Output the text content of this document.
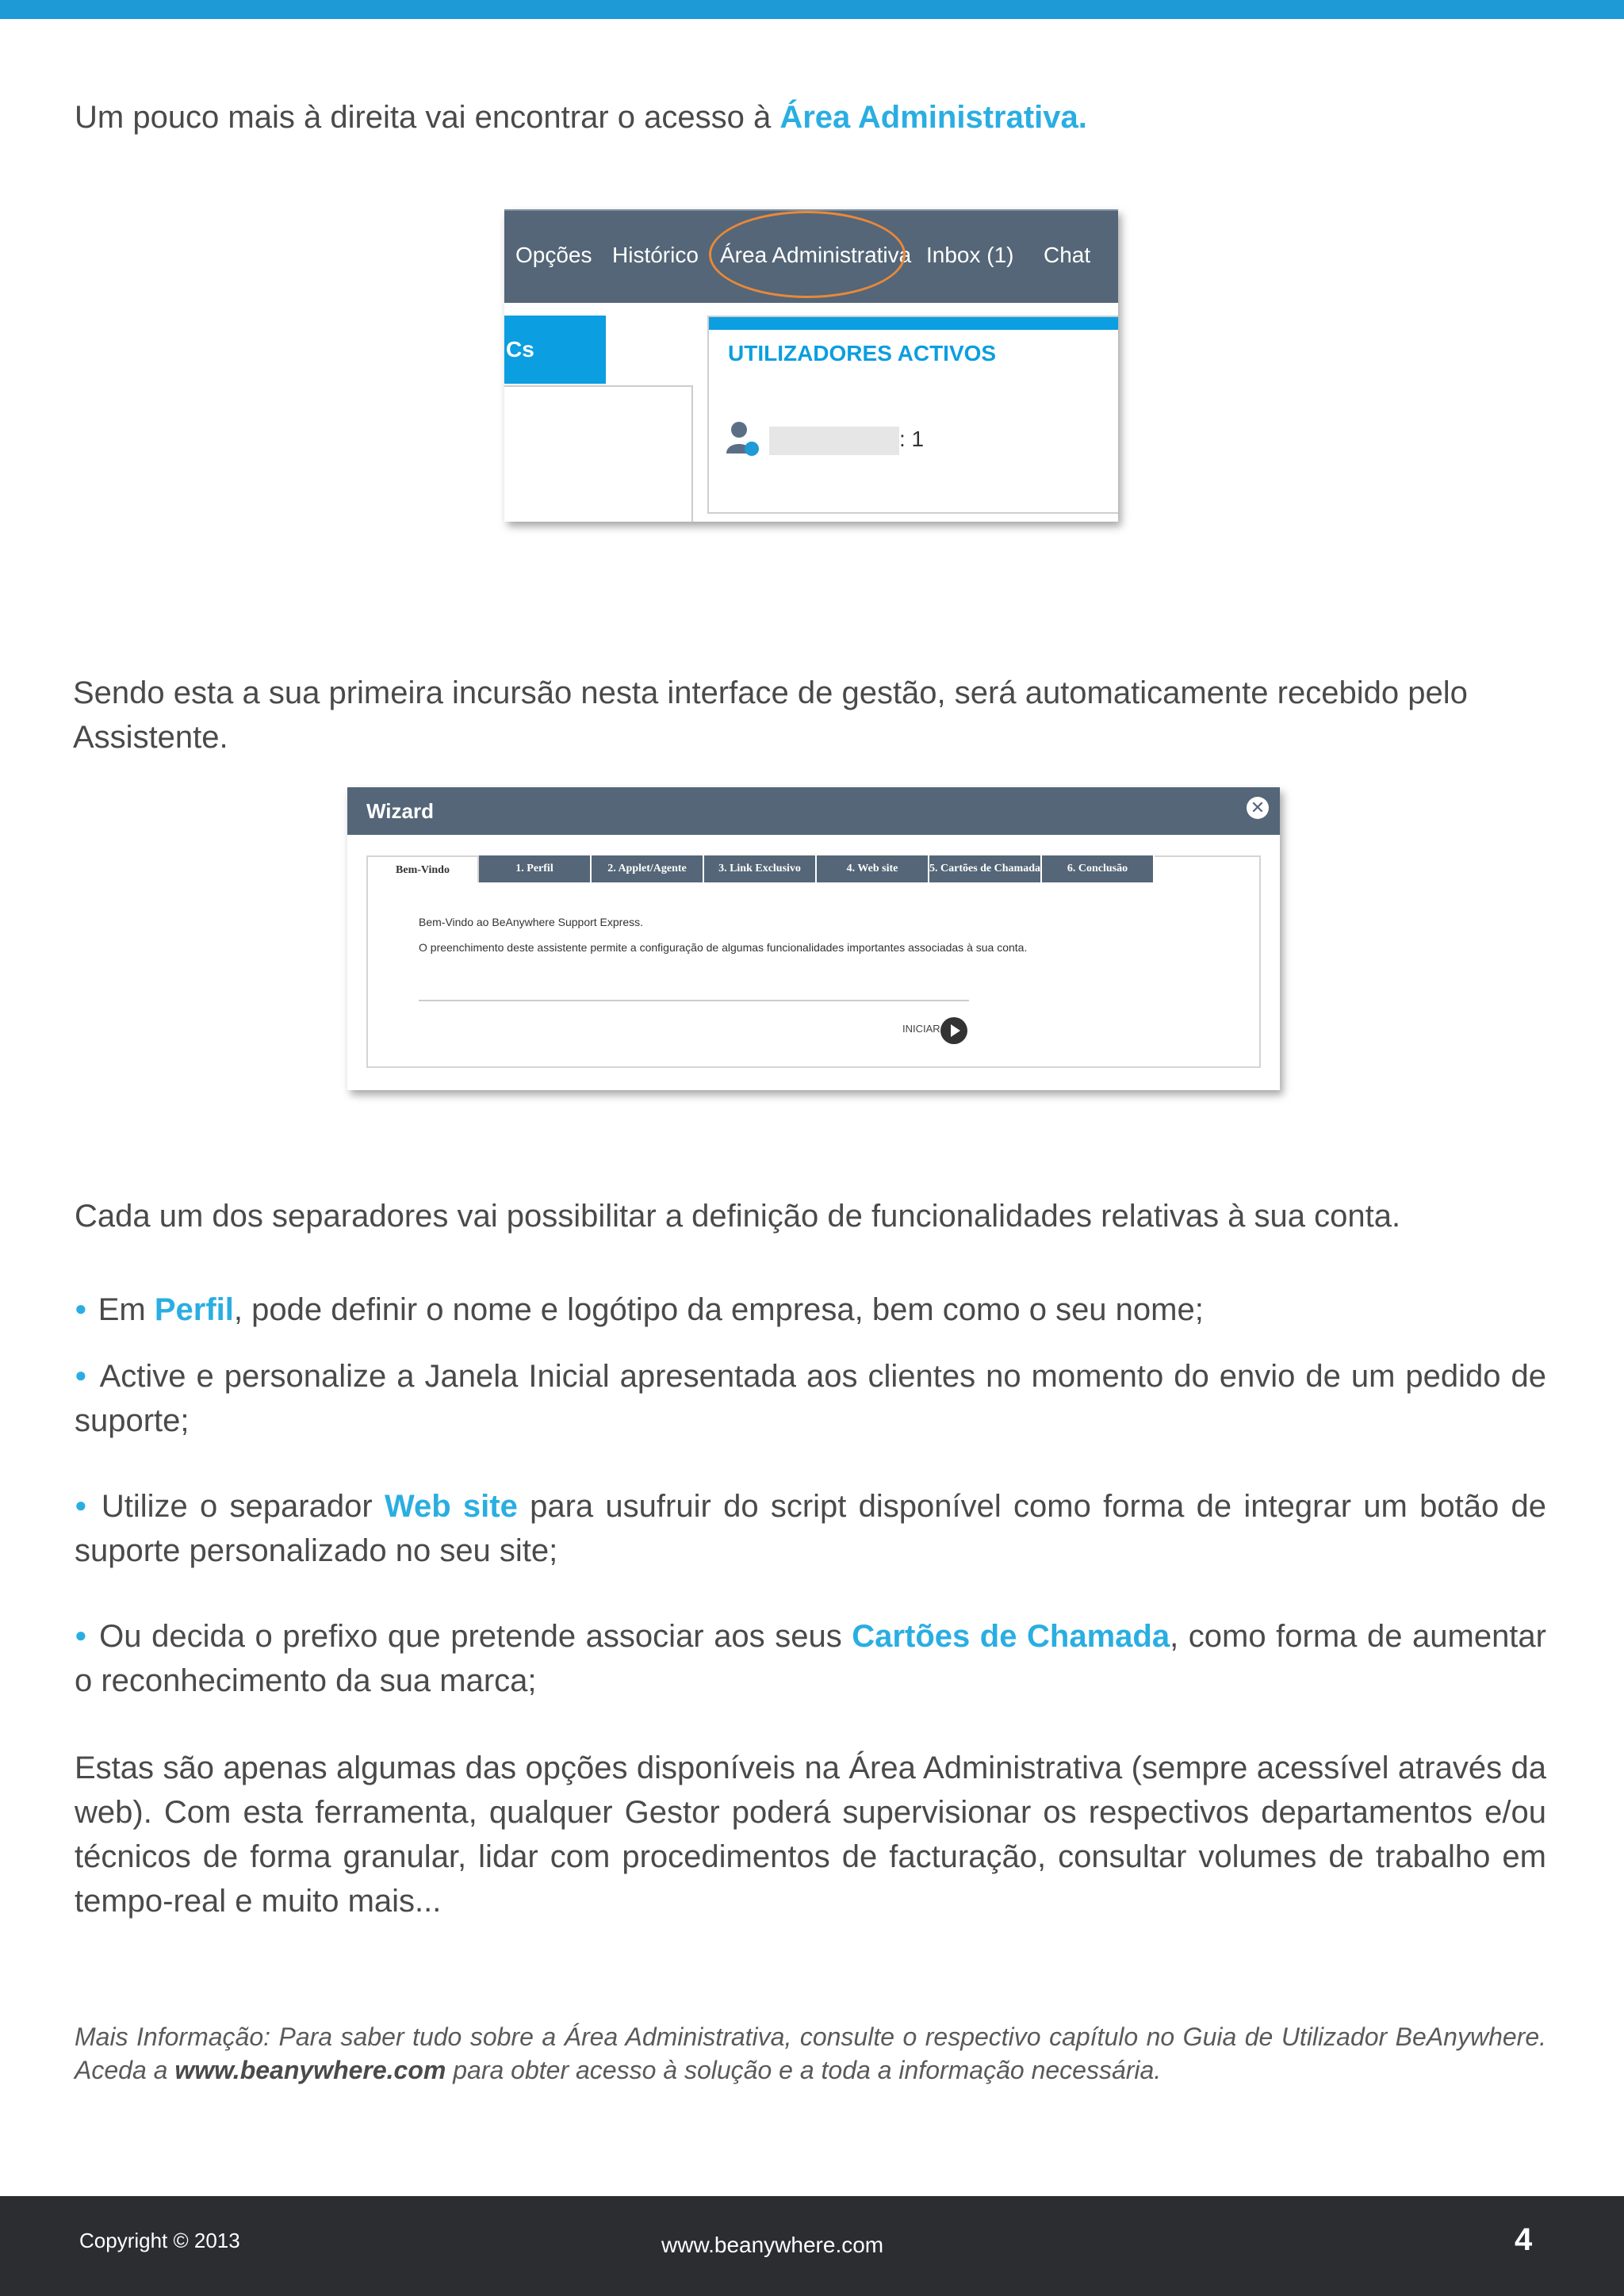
Um pouco mais à direita vai encontrar o acesso à Área Administrativa.

Opções Histórico Área Administrativa Inbox (1) Chat
Cs	UTILIZADORES ACTIVOS
: 1

Sendo esta a sua primeira incursão nesta interface de gestão, será automaticamente recebido pelo Assistente.

Wizard	✕
Bem-Vindo	1. Perfil	2. Applet/Agente	3. Link Exclusivo	4. Web site	5. Cartões de Chamada	6. Conclusão
Bem-Vindo ao BeAnywhere Support Express.
O preenchimento deste assistente permite a configuração de algumas funcionalidades importantes associadas à sua conta.
INICIAR

Cada um dos separadores vai possibilitar a definição de funcionalidades relativas à sua conta.

● Em Perfil, pode definir o nome e logótipo da empresa, bem como o seu nome;

● Active e personalize a Janela Inicial apresentada aos clientes no momento do envio de um pedido de suporte;

● Utilize o separador Web site para usufruir do script disponível como forma de integrar um botão de suporte personalizado no seu site;

● Ou decida o prefixo que pretende associar aos seus Cartões de Chamada, como forma de aumentar o reconhecimento da sua marca;

Estas são apenas algumas das opções disponíveis na Área Administrativa (sempre acessível através da web). Com esta ferramenta, qualquer Gestor poderá supervisionar os respectivos departamentos e/ou técnicos de forma granular, lidar com procedimentos de facturação, consultar volumes de trabalho em tempo-real e muito mais...

Mais Informação: Para saber tudo sobre a Área Administrativa, consulte o respectivo capítulo no Guia de Utilizador BeAnywhere. Aceda a www.beanywhere.com para obter acesso à solução e a toda a informação necessária.

Copyright © 2013	www.beanywhere.com	4
